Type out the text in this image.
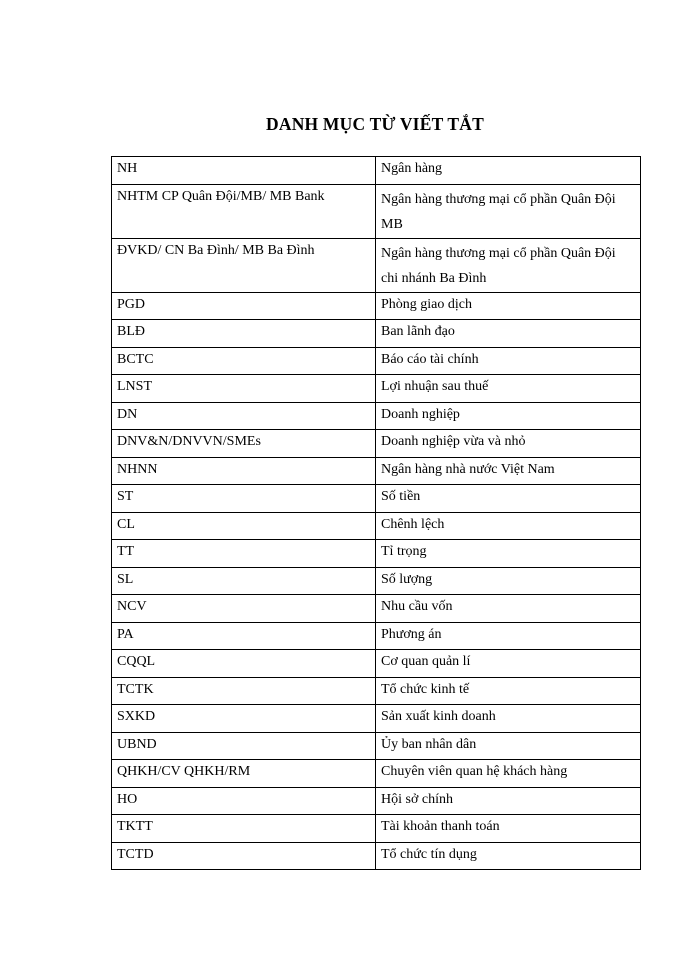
DANH MỤC TỪ VIẾT TẮT
NH	Ngân hàng
NHTM CP Quân Đội/MB/ MB Bank	Ngân hàng thương mại cổ phần Quân Đội MB
ĐVKD/ CN Ba Đình/ MB Ba Đình	Ngân hàng thương mại cổ phần Quân Đội chi nhánh Ba Đình
PGD	Phòng giao dịch
BLĐ	Ban lãnh đạo
BCTC	Báo cáo tài chính
LNST	Lợi nhuận sau thuế
DN	Doanh nghiệp
DNV&N/DNVVN/SMEs	Doanh nghiệp vừa và nhỏ
NHNN	Ngân hàng nhà nước Việt Nam
ST	Số tiền
CL	Chênh lệch
TT	Tỉ trọng
SL	Số lượng
NCV	Nhu cầu vốn
PA	Phương án
CQQL	Cơ quan quản lí
TCTK	Tổ chức kinh tế
SXKD	Sản xuất kinh doanh
UBND	Ủy ban nhân dân
QHKH/CV QHKH/RM	Chuyên viên quan hệ khách hàng
HO	Hội sở chính
TKTT	Tài khoản thanh toán
TCTD	Tổ chức tín dụng
